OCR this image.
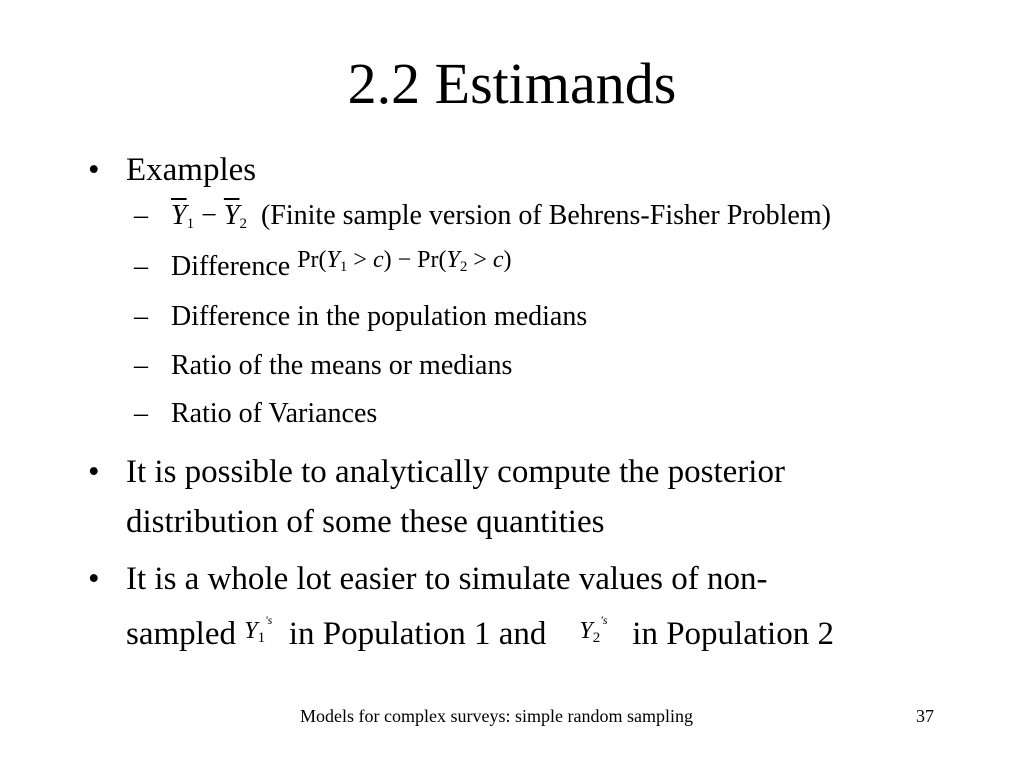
2.2 Estimands
• Examples
– $\overline{Y}1 - \overline{Y}2$ (Finite sample version of Behrens-Fisher Problem)
– Difference Pr(Y1 > c) − Pr(Y2 > c)
– Difference in the population medians
– Ratio of the means or medians
– Ratio of Variances
• It is possible to analytically compute the posterior
distribution of some these quantities
• It is a whole lot easier to simulate values of non-
sampled $Y1^{'s}$ in Population 1 and $Y2^{'s}$ in Population 2
Models for complex surveys: simple random sampling	37
